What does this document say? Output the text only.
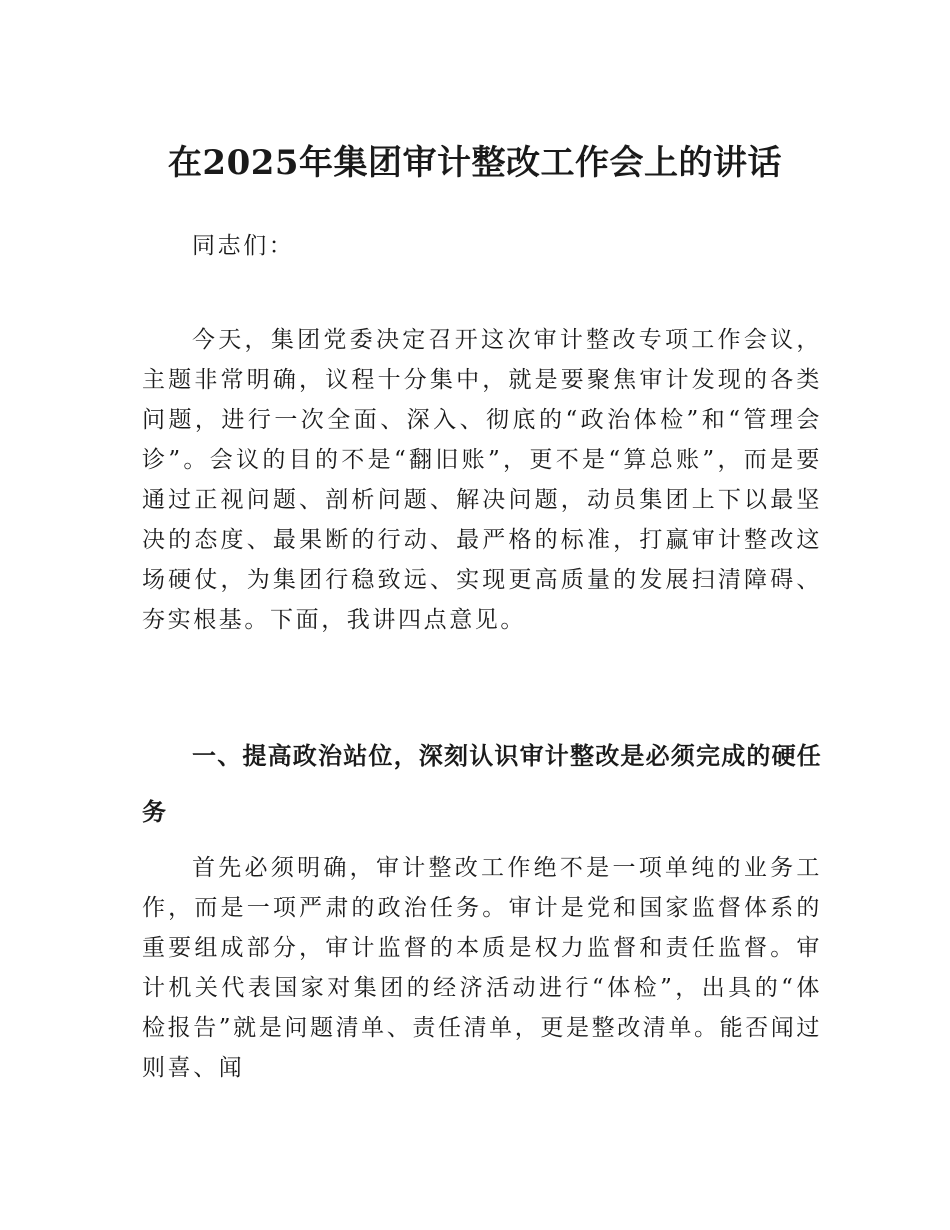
在2025年集团审计整改工作会上的讲话

同志们：

今天，集团党委决定召开这次审计整改专项工作会议，主题非常明确，议程十分集中，就是要聚焦审计发现的各类问题，进行一次全面、深入、彻底的“政治体检”和“管理会诊”。会议的目的不是“翻旧账”，更不是“算总账”，而是要通过正视问题、剖析问题、解决问题，动员集团上下以最坚决的态度、最果断的行动、最严格的标准，打赢审计整改这场硬仗，为集团行稳致远、实现更高质量的发展扫清障碍、夯实根基。下面，我讲四点意见。

一、提高政治站位，深刻认识审计整改是必须完成的硬任务

首先必须明确，审计整改工作绝不是一项单纯的业务工作，而是一项严肃的政治任务。审计是党和国家监督体系的重要组成部分，审计监督的本质是权力监督和责任监督。审计机关代表国家对集团的经济活动进行“体检”，出具的“体检报告”就是问题清单、责任清单，更是整改清单。能否闻过则喜、闻
